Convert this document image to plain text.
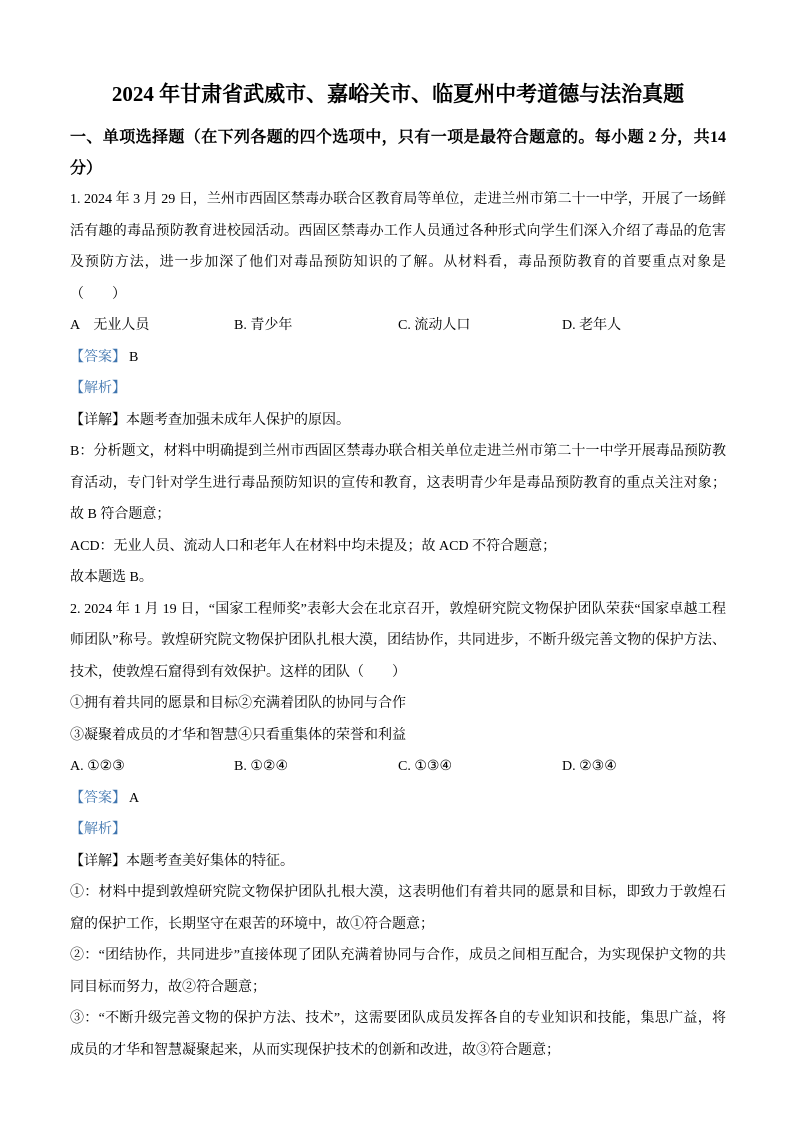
2024 年甘肃省武威市、嘉峪关市、临夏州中考道德与法治真题
一、单项选择题（在下列各题的四个选项中，只有一项是最符合题意的。每小题 2 分，共14 分）

1. 2024 年 3 月 29 日，兰州市西固区禁毒办联合区教育局等单位，走进兰州市第二十一中学，开展了一场鲜活有趣的毒品预防教育进校园活动。西固区禁毒办工作人员通过各种形式向学生们深入介绍了毒品的危害及预防方法，进一步加深了他们对毒品预防知识的了解。从材料看，毒品预防教育的首要重点对象是（　　）

A　无业人员	B. 青少年	C. 流动人口	D. 老年人

【答案】 B

【解析】

【详解】本题考查加强未成年人保护的原因。

B：分析题文，材料中明确提到兰州市西固区禁毒办联合相关单位走进兰州市第二十一中学开展毒品预防教育活动，专门针对学生进行毒品预防知识的宣传和教育，这表明青少年是毒品预防教育的重点关注对象；故 B 符合题意；

ACD：无业人员、流动人口和老年人在材料中均未提及；故 ACD 不符合题意；

故本题选 B。

2. 2024 年 1 月 19 日，“国家工程师奖”表彰大会在北京召开，敦煌研究院文物保护团队荣获“国家卓越工程师团队”称号。敦煌研究院文物保护团队扎根大漠，团结协作，共同进步，不断升级完善文物的保护方法、技术，使敦煌石窟得到有效保护。这样的团队（　　）

①拥有着共同的愿景和目标②充满着团队的协同与合作

③凝聚着成员的才华和智慧④只看重集体的荣誉和利益

A. ①②③	B. ①②④	C. ①③④	D. ②③④

【答案】 A

【解析】

【详解】本题考查美好集体的特征。

①：材料中提到敦煌研究院文物保护团队扎根大漠，这表明他们有着共同的愿景和目标，即致力于敦煌石窟的保护工作，长期坚守在艰苦的环境中，故①符合题意；

②：“团结协作，共同进步”直接体现了团队充满着协同与合作，成员之间相互配合，为实现保护文物的共同目标而努力，故②符合题意；

③：“不断升级完善文物的保护方法、技术”，这需要团队成员发挥各自的专业知识和技能，集思广益，将成员的才华和智慧凝聚起来，从而实现保护技术的创新和改进，故③符合题意；
